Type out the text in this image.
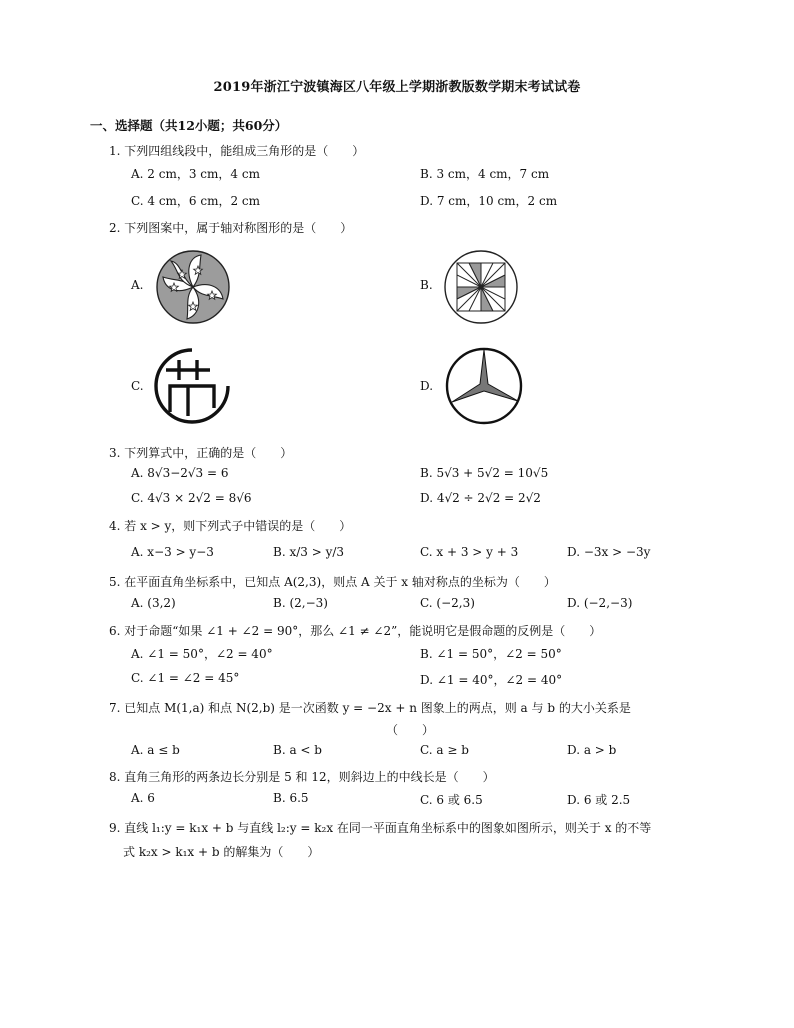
2019年浙江宁波镇海区八年级上学期浙教版数学期末考试试卷
一、选择题（共12小题；共60分）
1. 下列四组线段中，能组成三角形的是（　　）
A. 2 cm，3 cm，4 cm	B. 3 cm，4 cm，7 cm
C. 4 cm，6 cm，2 cm	D. 7 cm，10 cm，2 cm
2. 下列图案中，属于轴对称图形的是（　　）
A.	B.
C.	D.
3. 下列算式中，正确的是（　　）
A. 8√3−2√3 = 6	B. 5√3 + 5√2 = 10√5
C. 4√3 × 2√2 = 8√6	D. 4√2 ÷ 2√2 = 2√2
4. 若 x > y，则下列式子中错误的是（　　）
A. x−3 > y−3	B. x/3 > y/3	C. x + 3 > y + 3	D. −3x > −3y
5. 在平面直角坐标系中，已知点 A(2,3)，则点 A 关于 x 轴对称点的坐标为（　　）
A. (3,2)	B. (2,−3)	C. (−2,3)	D. (−2,−3)
6. 对于命题“如果 ∠1 + ∠2 = 90°，那么 ∠1 ≠ ∠2”，能说明它是假命题的反例是（　　）
A. ∠1 = 50°，∠2 = 40°	B. ∠1 = 50°，∠2 = 50°
C. ∠1 = ∠2 = 45°	D. ∠1 = 40°，∠2 = 40°
7. 已知点 M(1,a) 和点 N(2,b) 是一次函数 y = −2x + n 图象上的两点，则 a 与 b 的大小关系是
（　　）
A. a ≤ b	B. a < b	C. a ≥ b	D. a > b
8. 直角三角形的两条边长分别是 5 和 12，则斜边上的中线长是（　　）
A. 6	B. 6.5	C. 6 或 6.5	D. 6 或 2.5
9. 直线 l₁:y = k₁x + b 与直线 l₂:y = k₂x 在同一平面直角坐标系中的图象如图所示，则关于 x 的不等
式 k₂x > k₁x + b 的解集为（　　）
